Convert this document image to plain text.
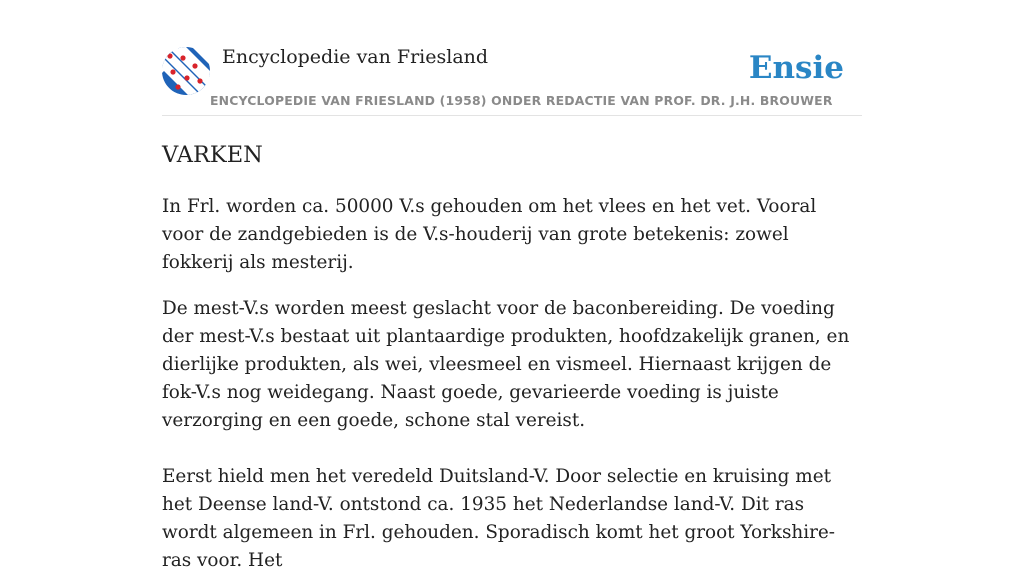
Encyclopedie van Friesland	Ensie
ENCYCLOPEDIE VAN FRIESLAND (1958) ONDER REDACTIE VAN PROF. DR. J.H. BROUWER
VARKEN

In Frl. worden ca. 50000 V.s gehouden om het vlees en het vet. Vooral voor de zandgebieden is de V.s-houderij van grote betekenis: zowel fokkerij als mesterij.

De mest-V.s worden meest geslacht voor de baconbereiding. De voeding der mest-V.s bestaat uit plantaardige produkten, hoofdzakelijk granen, en dierlijke produkten, als wei, vleesmeel en vismeel. Hiernaast krijgen de fok-V.s nog weidegang. Naast goede, gevarieerde voeding is juiste verzorging en een goede, schone stal vereist.

Eerst hield men het veredeld Duitsland-V. Door selectie en kruising met het Deense land-V. ontstond ca. 1935 het Nederlandse land-V. Dit ras wordt algemeen in Frl. gehouden. Sporadisch komt het groot Yorkshire-ras voor. Het
